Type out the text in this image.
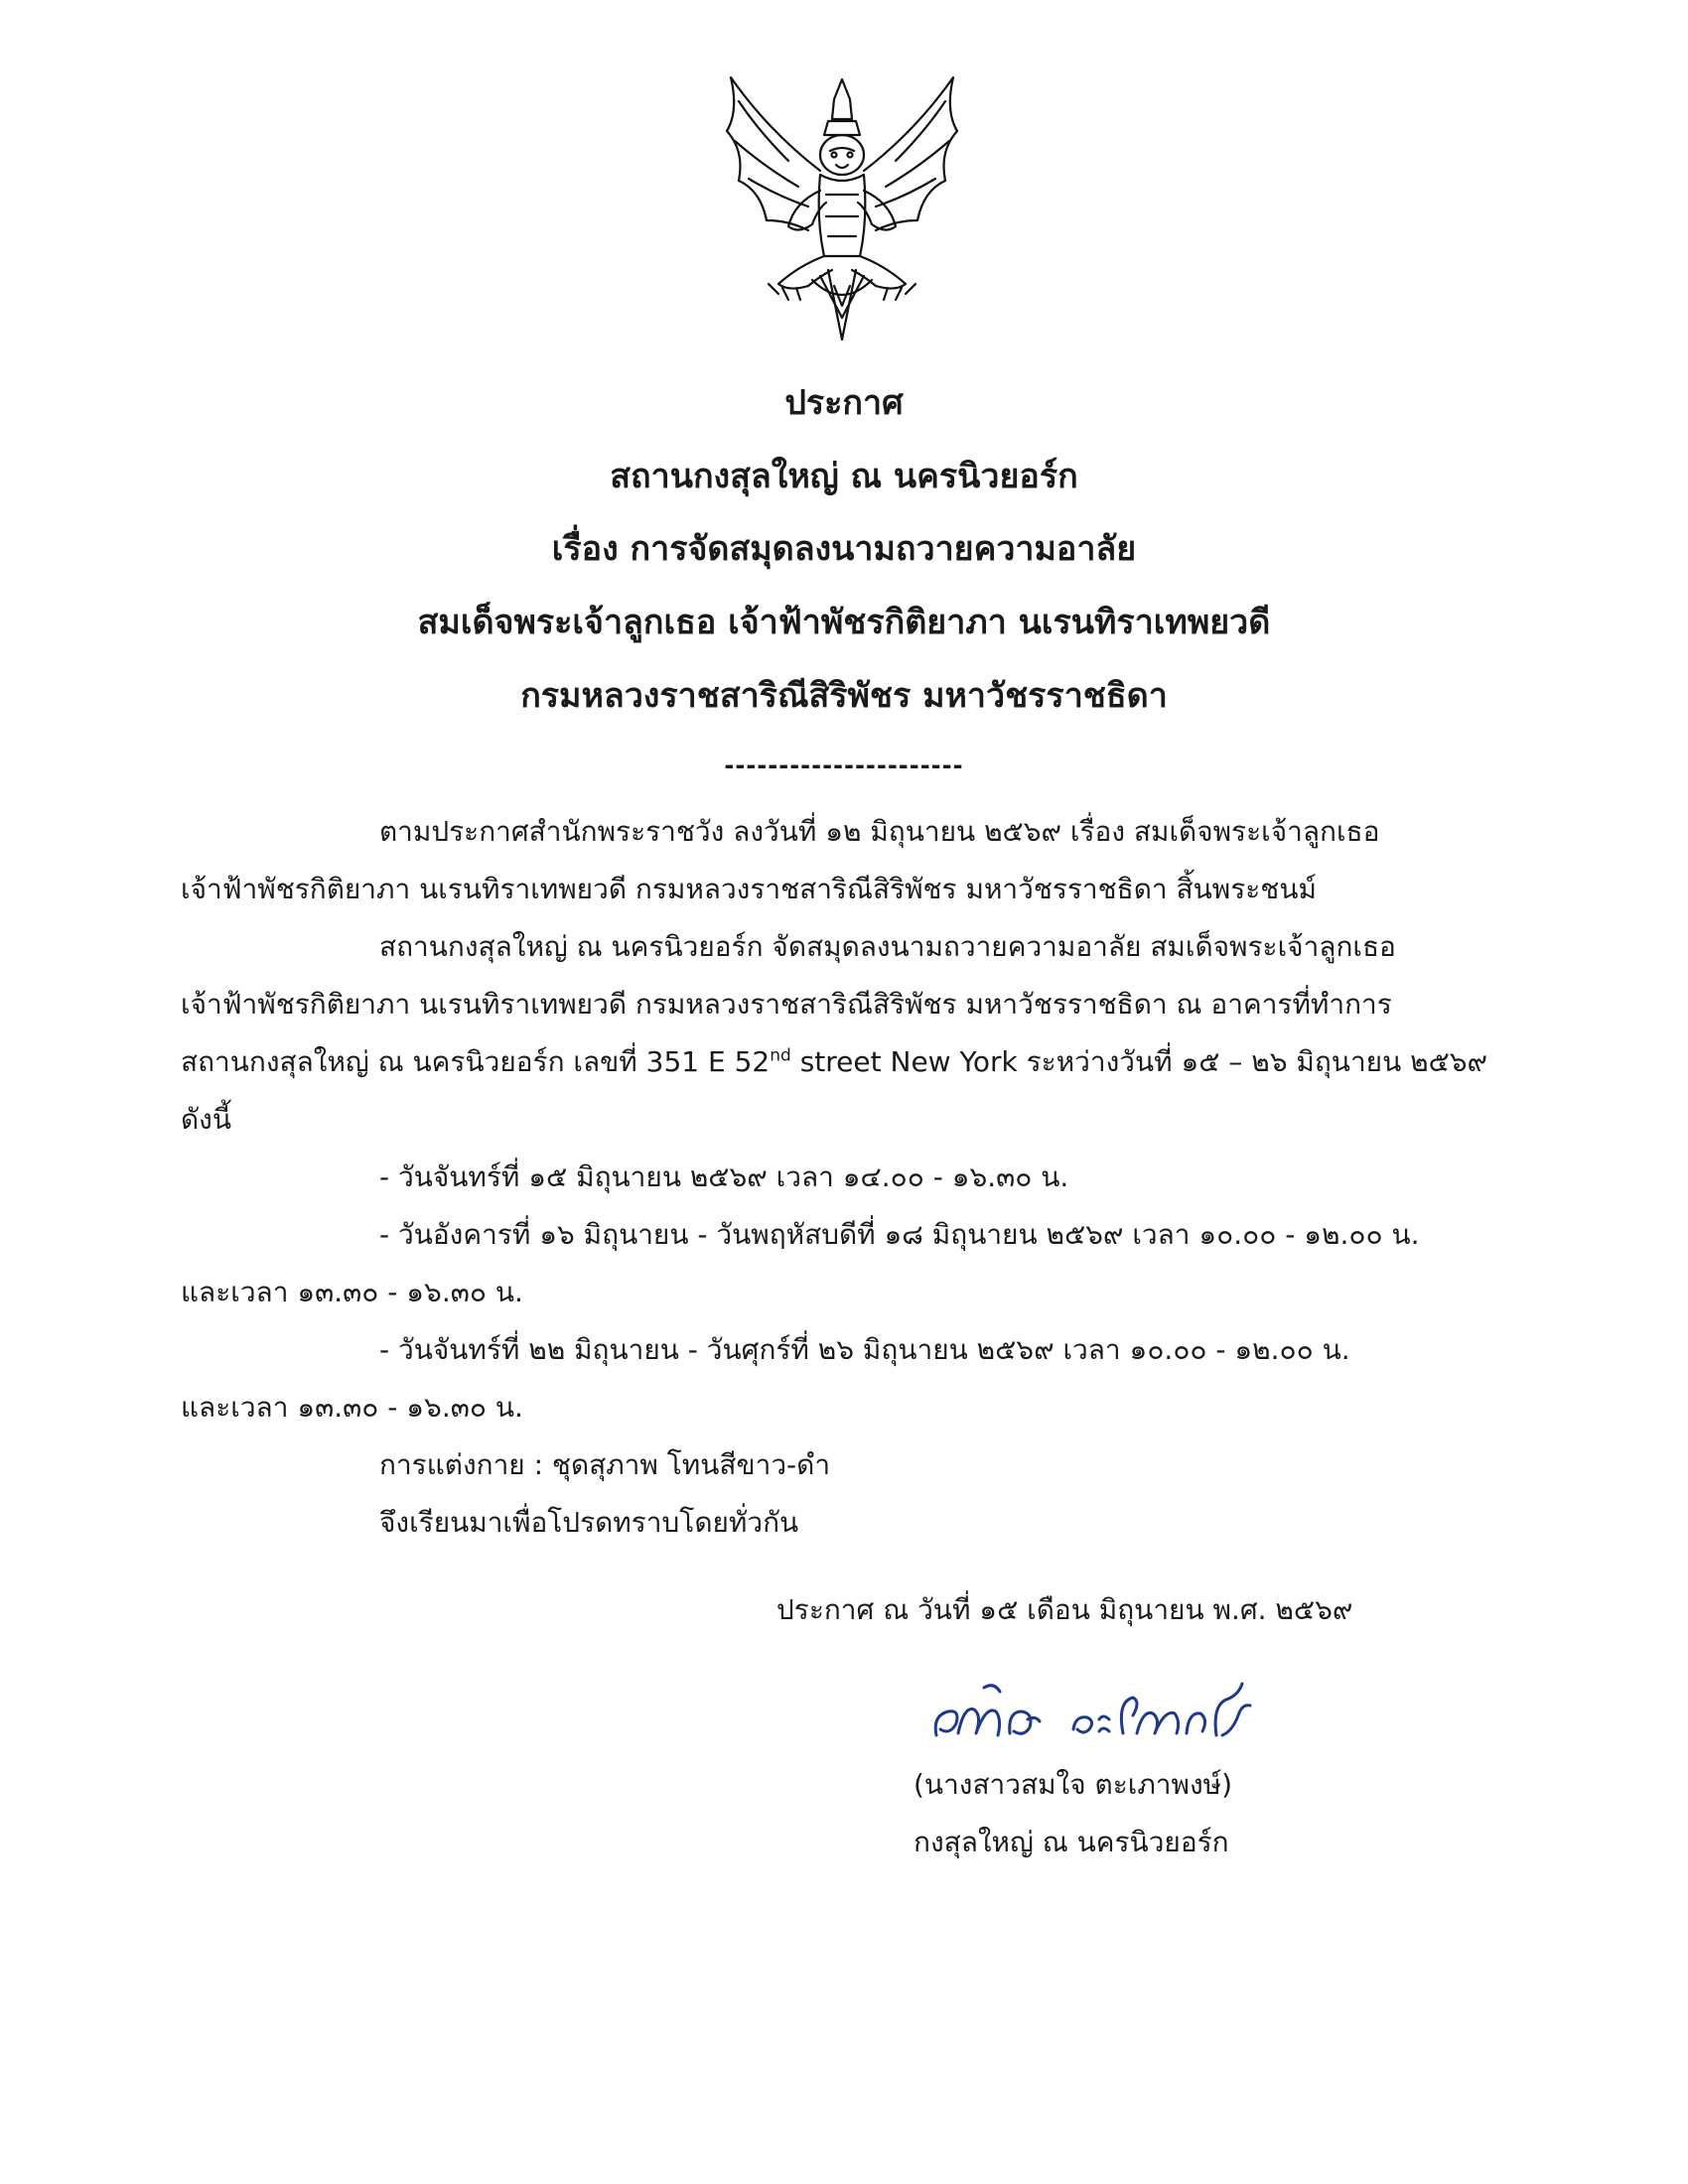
ประกาศ
สถานกงสุลใหญ่ ณ นครนิวยอร์ก
เรื่อง การจัดสมุดลงนามถวายความอาลัย
สมเด็จพระเจ้าลูกเธอ เจ้าฟ้าพัชรกิติยาภา นเรนทิราเทพยวดี
กรมหลวงราชสาริณีสิริพัชร มหาวัชรราชธิดา
----------------------
ตามประกาศสำนักพระราชวัง ลงวันที่ ๑๒ มิถุนายน ๒๕๖๙ เรื่อง สมเด็จพระเจ้าลูกเธอ
เจ้าฟ้าพัชรกิติยาภา นเรนทิราเทพยวดี กรมหลวงราชสาริณีสิริพัชร มหาวัชรราชธิดา สิ้นพระชนม์
สถานกงสุลใหญ่ ณ นครนิวยอร์ก จัดสมุดลงนามถวายความอาลัย สมเด็จพระเจ้าลูกเธอ
เจ้าฟ้าพัชรกิติยาภา นเรนทิราเทพยวดี กรมหลวงราชสาริณีสิริพัชร มหาวัชรราชธิดา ณ อาคารที่ทำการ
สถานกงสุลใหญ่ ณ นครนิวยอร์ก เลขที่ 351 E 52nd street New York ระหว่างวันที่ ๑๕ – ๒๖ มิถุนายน ๒๕๖๙
ดังนี้
- วันจันทร์ที่ ๑๕ มิถุนายน ๒๕๖๙ เวลา ๑๔.๐๐ - ๑๖.๓๐ น.
- วันอังคารที่ ๑๖ มิถุนายน - วันพฤหัสบดีที่ ๑๘ มิถุนายน ๒๕๖๙ เวลา ๑๐.๐๐ - ๑๒.๐๐ น.
และเวลา ๑๓.๓๐ - ๑๖.๓๐ น.
- วันจันทร์ที่ ๒๒ มิถุนายน - วันศุกร์ที่ ๒๖ มิถุนายน ๒๕๖๙ เวลา ๑๐.๐๐ - ๑๒.๐๐ น.
และเวลา ๑๓.๓๐ - ๑๖.๓๐ น.
การแต่งกาย : ชุดสุภาพ โทนสีขาว-ดำ
จึงเรียนมาเพื่อโปรดทราบโดยทั่วกัน
ประกาศ ณ วันที่ ๑๕ เดือน มิถุนายน พ.ศ. ๒๕๖๙
(นางสาวสมใจ ตะเภาพงษ์)
กงสุลใหญ่ ณ นครนิวยอร์ก
